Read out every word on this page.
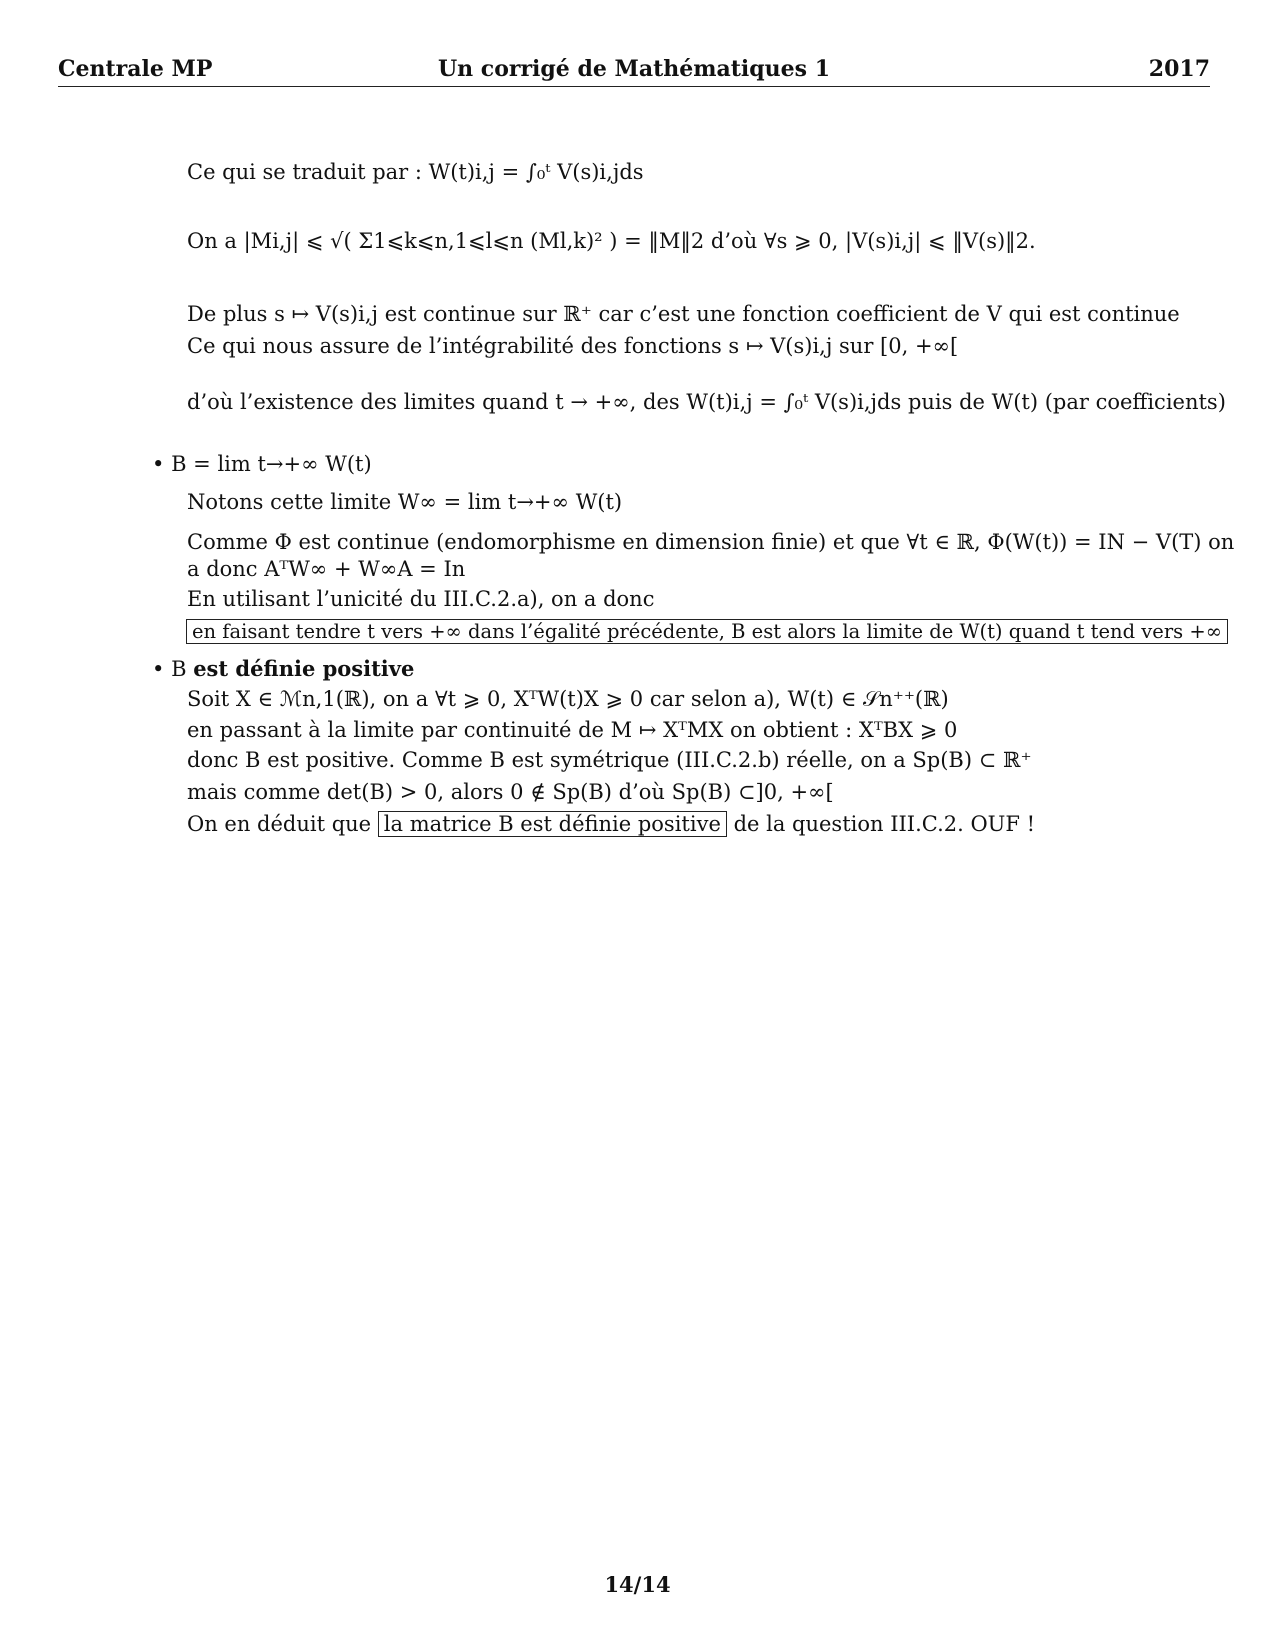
Centrale MP	Un corrigé de Mathématiques 1	2017
Ce qui se traduit par : W(t)i,j = ∫₀ᵗ V(s)i,jds
On a |Mi,j| ⩽ √( Σ1⩽k⩽n,1⩽l⩽n (Ml,k)² ) = ‖M‖2 d’où ∀s ⩾ 0, |V(s)i,j| ⩽ ‖V(s)‖2.
De plus s ↦ V(s)i,j est continue sur ℝ⁺ car c’est une fonction coefficient de V qui est continue
Ce qui nous assure de l’intégrabilité des fonctions s ↦ V(s)i,j sur [0, +∞[
d’où l’existence des limites quand t → +∞, des W(t)i,j = ∫₀ᵗ V(s)i,jds puis de W(t) (par coefficients)
• B = lim t→+∞ W(t)
Notons cette limite W∞ = lim t→+∞ W(t)
Comme Φ est continue (endomorphisme en dimension finie) et que ∀t ∈ ℝ, Φ(W(t)) = IN − V(T) on
a donc AᵀW∞ + W∞A = In
En utilisant l’unicité du III.C.2.a), on a donc
en faisant tendre t vers +∞ dans l’égalité précédente, B est alors la limite de W(t) quand t tend vers +∞
• B est définie positive
Soit X ∈ ℳn,1(ℝ), on a ∀t ⩾ 0, XᵀW(t)X ⩾ 0 car selon a), W(t) ∈ 𝒮n⁺⁺(ℝ)
en passant à la limite par continuité de M ↦ XᵀMX on obtient : XᵀBX ⩾ 0
donc B est positive. Comme B est symétrique (III.C.2.b) réelle, on a Sp(B) ⊂ ℝ⁺
mais comme det(B) > 0, alors 0 ∉ Sp(B) d’où Sp(B) ⊂]0, +∞[
On en déduit que la matrice B est définie positive de la question III.C.2. OUF !
14/14
